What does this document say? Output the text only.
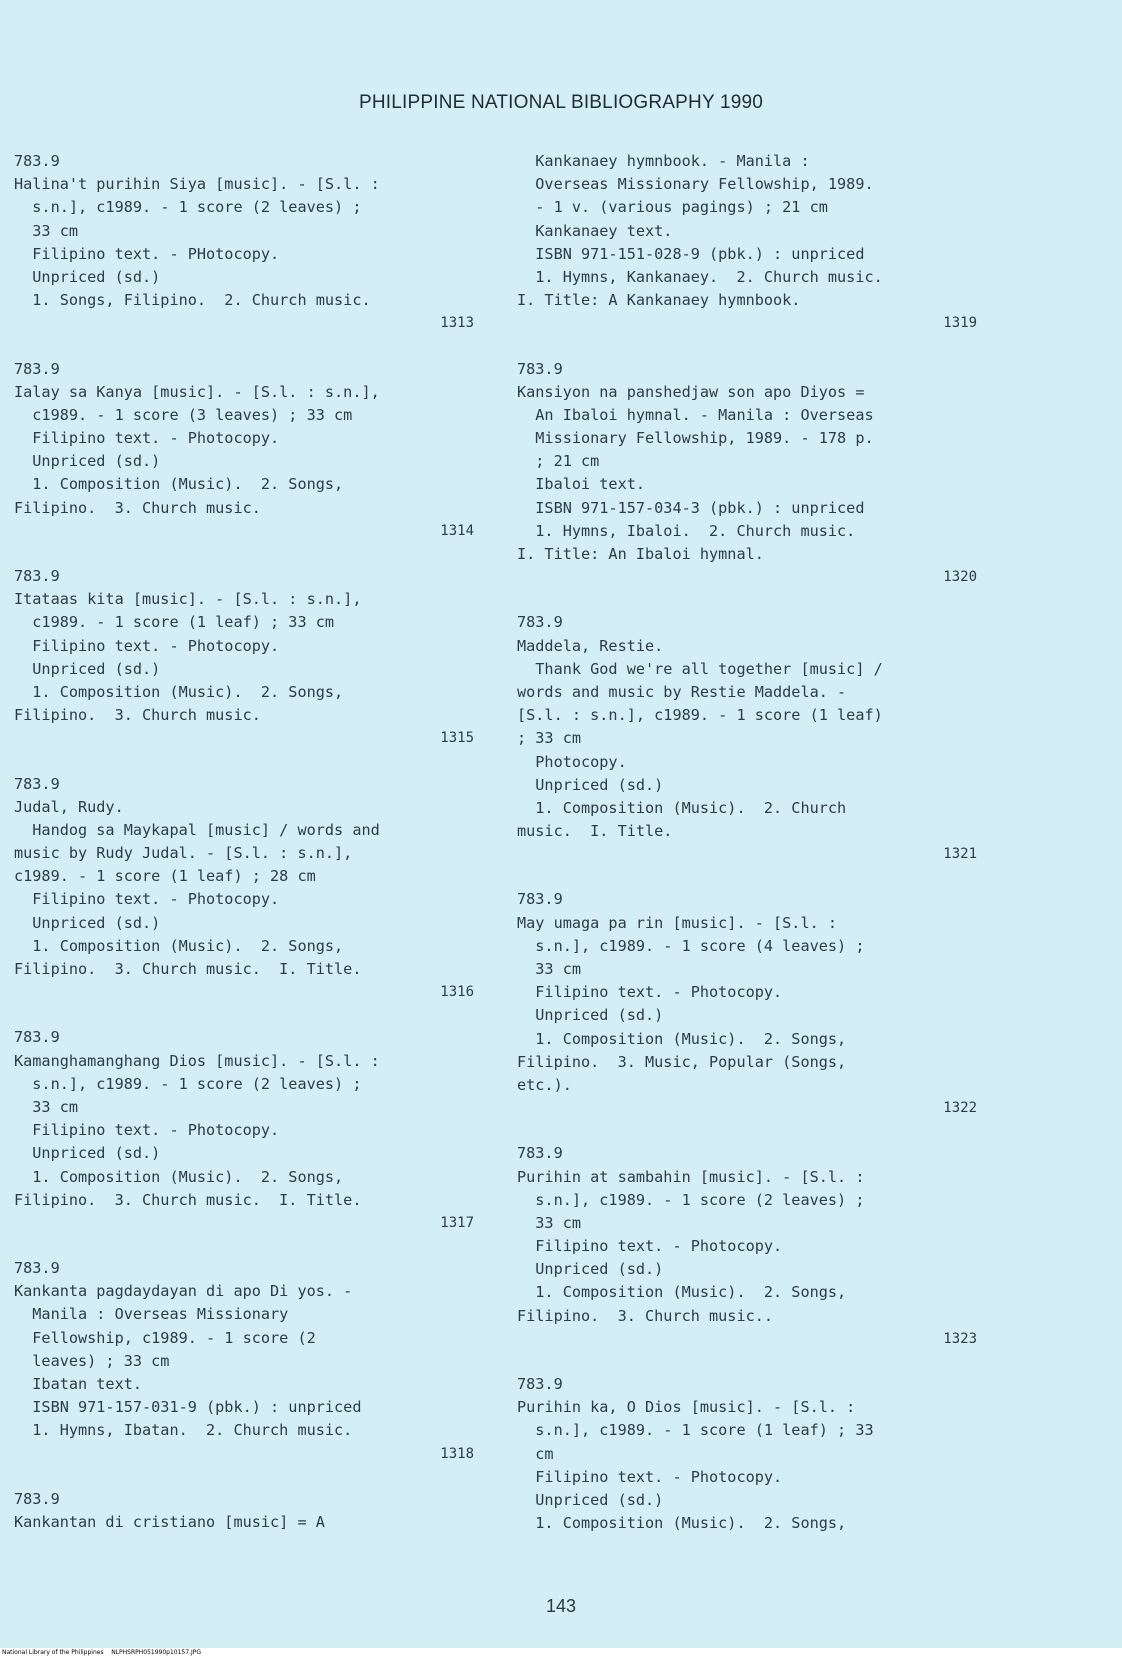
PHILIPPINE NATIONAL BIBLIOGRAPHY 1990
783.9
Halina't purihin Siya [music]. - [S.l. :
s.n.], c1989. - 1 score (2 leaves) ;
33 cm
Filipino text. - PHotocopy.
Unpriced (sd.)
1. Songs, Filipino.  2. Church music.
1313
783.9
Ialay sa Kanya [music]. - [S.l. : s.n.],
c1989. - 1 score (3 leaves) ; 33 cm
Filipino text. - Photocopy.
Unpriced (sd.)
1. Composition (Music).  2. Songs,
Filipino.  3. Church music.
1314
783.9
Itataas kita [music]. - [S.l. : s.n.],
c1989. - 1 score (1 leaf) ; 33 cm
Filipino text. - Photocopy.
Unpriced (sd.)
1. Composition (Music).  2. Songs,
Filipino.  3. Church music.
1315
783.9
Judal, Rudy.
Handog sa Maykapal [music] / words and
music by Rudy Judal. - [S.l. : s.n.],
c1989. - 1 score (1 leaf) ; 28 cm
Filipino text. - Photocopy.
Unpriced (sd.)
1. Composition (Music).  2. Songs,
Filipino.  3. Church music.  I. Title.
1316
783.9
Kamanghamanghang Dios [music]. - [S.l. :
s.n.], c1989. - 1 score (2 leaves) ;
33 cm
Filipino text. - Photocopy.
Unpriced (sd.)
1. Composition (Music).  2. Songs,
Filipino.  3. Church music.  I. Title.
1317
783.9
Kankanta pagdaydayan di apo Di yos. -
Manila : Overseas Missionary
Fellowship, c1989. - 1 score (2
leaves) ; 33 cm
Ibatan text.
ISBN 971-157-031-9 (pbk.) : unpriced
1. Hymns, Ibatan.  2. Church music.
1318
783.9
Kankantan di cristiano [music] = A
Kankanaey hymnbook. - Manila :
Overseas Missionary Fellowship, 1989.
- 1 v. (various pagings) ; 21 cm
Kankanaey text.
ISBN 971-151-028-9 (pbk.) : unpriced
1. Hymns, Kankanaey.  2. Church music.
I. Title: A Kankanaey hymnbook.
1319
783.9
Kansiyon na panshedjaw son apo Diyos =
An Ibaloi hymnal. - Manila : Overseas
Missionary Fellowship, 1989. - 178 p.
; 21 cm
Ibaloi text.
ISBN 971-157-034-3 (pbk.) : unpriced
1. Hymns, Ibaloi.  2. Church music.
I. Title: An Ibaloi hymnal.
1320
783.9
Maddela, Restie.
Thank God we're all together [music] /
words and music by Restie Maddela. -
[S.l. : s.n.], c1989. - 1 score (1 leaf)
; 33 cm
Photocopy.
Unpriced (sd.)
1. Composition (Music).  2. Church
music.  I. Title.
1321
783.9
May umaga pa rin [music]. - [S.l. :
s.n.], c1989. - 1 score (4 leaves) ;
33 cm
Filipino text. - Photocopy.
Unpriced (sd.)
1. Composition (Music).  2. Songs,
Filipino.  3. Music, Popular (Songs,
etc.).
1322
783.9
Purihin at sambahin [music]. - [S.l. :
s.n.], c1989. - 1 score (2 leaves) ;
33 cm
Filipino text. - Photocopy.
Unpriced (sd.)
1. Composition (Music).  2. Songs,
Filipino.  3. Church music..
1323
783.9
Purihin ka, O Dios [music]. - [S.l. :
s.n.], c1989. - 1 score (1 leaf) ; 33
cm
Filipino text. - Photocopy.
Unpriced (sd.)
1. Composition (Music).  2. Songs,
143
National Library of the Philippines    NLPHSRPH051990p10157.JPG
